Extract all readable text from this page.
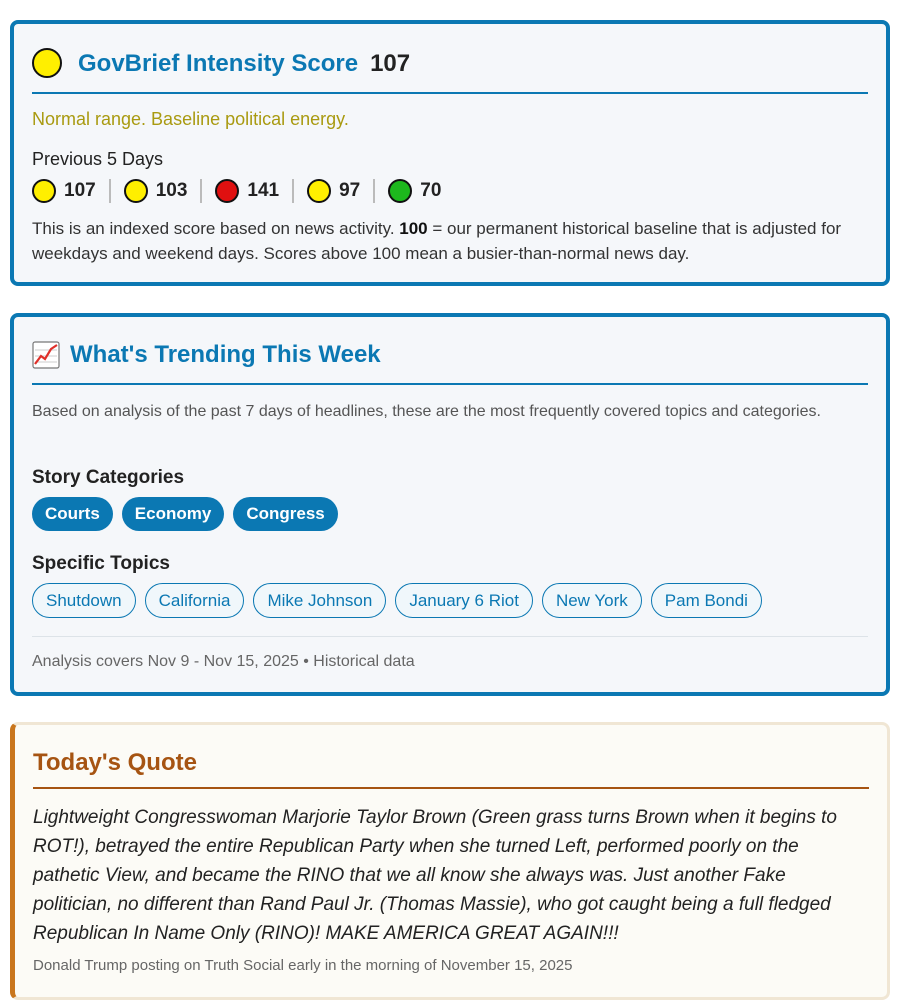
GovBrief Intensity Score 107
Normal range. Baseline political energy.
Previous 5 Days
107	103	141	97	70

This is an indexed score based on news activity. 100 = our permanent historical baseline that is adjusted for weekdays and weekend days. Scores above 100 mean a busier-than-normal news day.

What's Trending This Week

Based on analysis of the past 7 days of headlines, these are the most frequently covered topics and categories.

Story Categories
Courts	Economy	Congress
Specific Topics
Shutdown	California	Mike Johnson	January 6 Riot	New York	Pam Bondi
Analysis covers Nov 9 - Nov 15, 2025 • Historical data
Today's Quote

Lightweight Congresswoman Marjorie Taylor Brown (Green grass turns Brown when it begins to ROT!), betrayed the entire Republican Party when she turned Left, performed poorly on the pathetic View, and became the RINO that we all know she always was. Just another Fake politician, no different than Rand Paul Jr. (Thomas Massie), who got caught being a full fledged Republican In Name Only (RINO)! MAKE AMERICA GREAT AGAIN!!!

Donald Trump posting on Truth Social early in the morning of November 15, 2025
